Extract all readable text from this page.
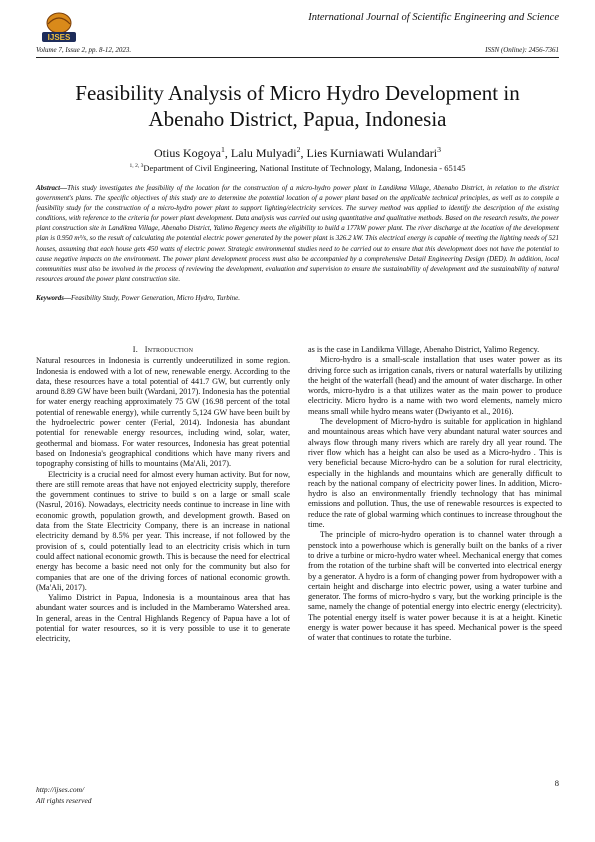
IJSES
International Journal of Scientific Engineering and Science
Volume 7, Issue 2, pp. 8-12, 2023.	ISSN (Online): 2456-7361
Feasibility Analysis of Micro Hydro Development in Abenaho District, Papua, Indonesia
Otius Kogoya$^1$, Lalu Mulyadi$^2$, Lies Kurniawati Wulandari$^3$
$^{1, 2, 3}$Department of Civil Engineering, National Institute of Technology, Malang, Indonesia - 65145
Abstract—This study investigates the feasibility of the location for the construction of a micro-hydro power plant in Landikma Village, Abenaho District, in relation to the district government's plans. The specific objectives of this study are to determine the potential location of a power plant based on the applicable technical principles, as well as to compile a feasibility study for the construction of a micro-hydro power plant to support lighting/electricity services. The survey method was applied to identify the description of the existing conditions, with reference to the criteria for power plant development. Data analysis was carried out using quantitative and qualitative methods. Based on the research results, the power plant construction site in Landikma Village, Abenaho District, Yalimo Regency meets the eligibility to build a 177kW power plant. The river discharge at the location of the development plan is 0.950 m³/s, so the result of calculating the potential electric power generated by the power plant is 326.2 kW. This electrical energy is capable of meeting the lighting needs of 521 houses, assuming that each house gets 450 watts of electric power. Strategic environmental studies need to be carried out to ensure that this development does not have the potential to cause negative impacts on the environment. The power plant development process must also be accompanied by a comprehensive Detail Engineering Design (DED). In addition, local communities must also be involved in the process of reviewing the development, evaluation and supervision to ensure the sustainability of development and the sustainability of natural resources around the power plant construction site.
Keywords—Feasibility Study, Power Generation, Micro Hydro, Turbine.
I. Introduction

Natural resources in Indonesia is currently undeerutilized in some region. Indonesia is endowed with a lot of new, renewable energy. According to the data, these resources have a total potential of 441.7 GW, but currently only around 8.89 GW have been built (Wardani, 2017). Indonesia has the potential for water energy reaching approximately 75 GW (16.98 percent of the total potential of renewable energy), while currently 5,124 GW have been built by the hydroelectric power center (Ferial, 2014). Indonesia has abundant potential for renewable energy resources, including wind, solar, water, geothermal and biomass. For water resources, Indonesia has great potential based on Indonesia's geographical conditions which have many rivers and topography consisting of hills to mountains (Ma'Ali, 2017).

Electricity is a crucial need for almost every human activity. But for now, there are still remote areas that have not enjoyed electricity supply, therefore the government continues to strive to build s on a large or small scale (Nasrul, 2016). Nowadays, electricity needs continue to increase in line with economic growth, population growth, and development growth. Based on data from the State Electricity Company, there is an increase in national electricity demand by 8.5% per year. This increase, if not followed by the provision of s, could potentially lead to an electricity crisis which in turn could affect national economic growth. This is because the need for electrical energy has become a basic need not only for the community but also for companies that are one of the driving forces of national economic growth. (Ma'Ali, 2017).

Yalimo District in Papua, Indonesia is a mountainous area that has abundant water sources and is included in the Mamberamo Watershed area. In general, areas in the Central Highlands Regency of Papua have a lot of potential for water resources, so it is very possible to use it to generate electricity,

as is the case in Landikma Village, Abenaho District, Yalimo Regency.

Micro-hydro is a small-scale installation that uses water power as its driving force such as irrigation canals, rivers or natural waterfalls by utilizing the height of the waterfall (head) and the amount of water discharge. In other words, micro-hydro is a that utilizes water as the main power to produce electricity. Micro hydro is a name with two word elements, namely micro means small while hydro means water (Dwiyanto et al., 2016).

The development of Micro-hydro is suitable for application in highland and mountainous areas which have very abundant natural water sources and always flow through many rivers which are rarely dry all year round. The river flow which has a height can also be used as a Micro-hydro . This is very beneficial because Micro-hydro can be a solution for rural electricity, especially in the highlands and mountains which are generally difficult to reach by the national company of electricity power lines. In addition, Micro-hydro is also an environmentally friendly technology that has minimal emissions and pollution. Thus, the use of renewable resources is expected to reduce the rate of global warming which continues to increase throughout the time.

The principle of micro-hydro operation is to channel water through a penstock into a powerhouse which is generally built on the banks of a river to drive a turbine or micro-hydro water wheel. Mechanical energy that comes from the rotation of the turbine shaft will be converted into electrical energy by a generator. A hydro is a form of changing power from hydropower with a certain height and discharge into electric power, using a water turbine and generator. The forms of micro-hydro s vary, but the working principle is the same, namely the change of potential energy into electric energy (electricity). The potential energy itself is water power because it is at a height. Kinetic energy is water power because it has speed. Mechanical power is the speed of water that continues to rotate the turbine.

8
http://ijses.com/
All rights reserved
